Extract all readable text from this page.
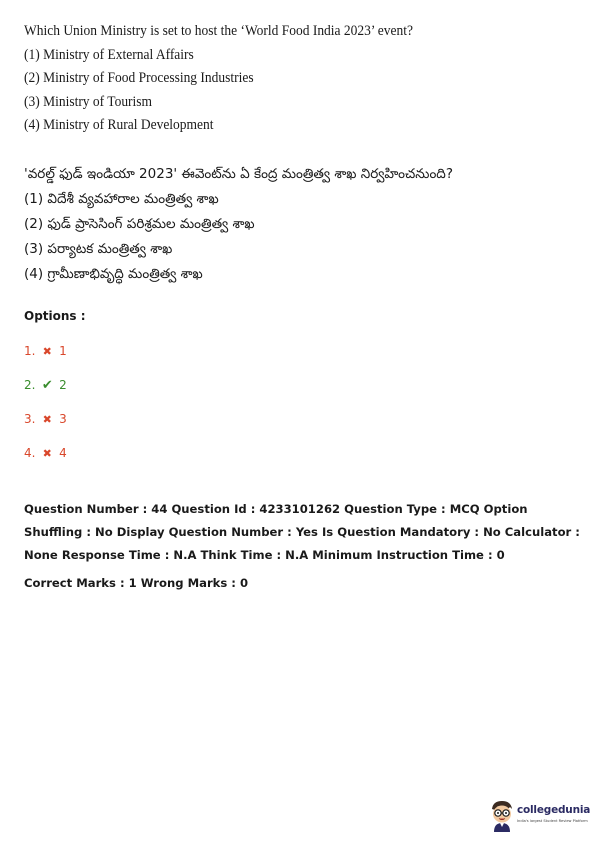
Which Union Ministry is set to host the ‘World Food India 2023’ event?
(1) Ministry of External Affairs
(2) Ministry of Food Processing Industries
(3) Ministry of Tourism
(4) Ministry of Rural Development
'వరల్డ్ ఫుడ్ ఇండియా 2023' ఈవెంట్‌ను ఏ కేంద్ర మంత్రిత్వ శాఖ నిర్వహించనుంది?
(1) విదేశీ వ్యవహారాల మంత్రిత్వ శాఖ
(2) ఫుడ్ ప్రాసెసింగ్ పరిశ్రమల మంత్రిత్వ శాఖ
(3) పర్యాటక మంత్రిత్వ శాఖ
(4) గ్రామీణాభివృద్ధి మంత్రిత్వ శాఖ
Options :
1. ✖ 1
2. ✔ 2
3. ✖ 3
4. ✖ 4
Question Number : 44 Question Id : 4233101262 Question Type : MCQ Option Shuffling : No Display Question Number : Yes Is Question Mandatory : No Calculator : None Response Time : N.A Think Time : N.A Minimum Instruction Time : 0
Correct Marks : 1 Wrong Marks : 0
collegedunia
India's largest Student Review Platform
